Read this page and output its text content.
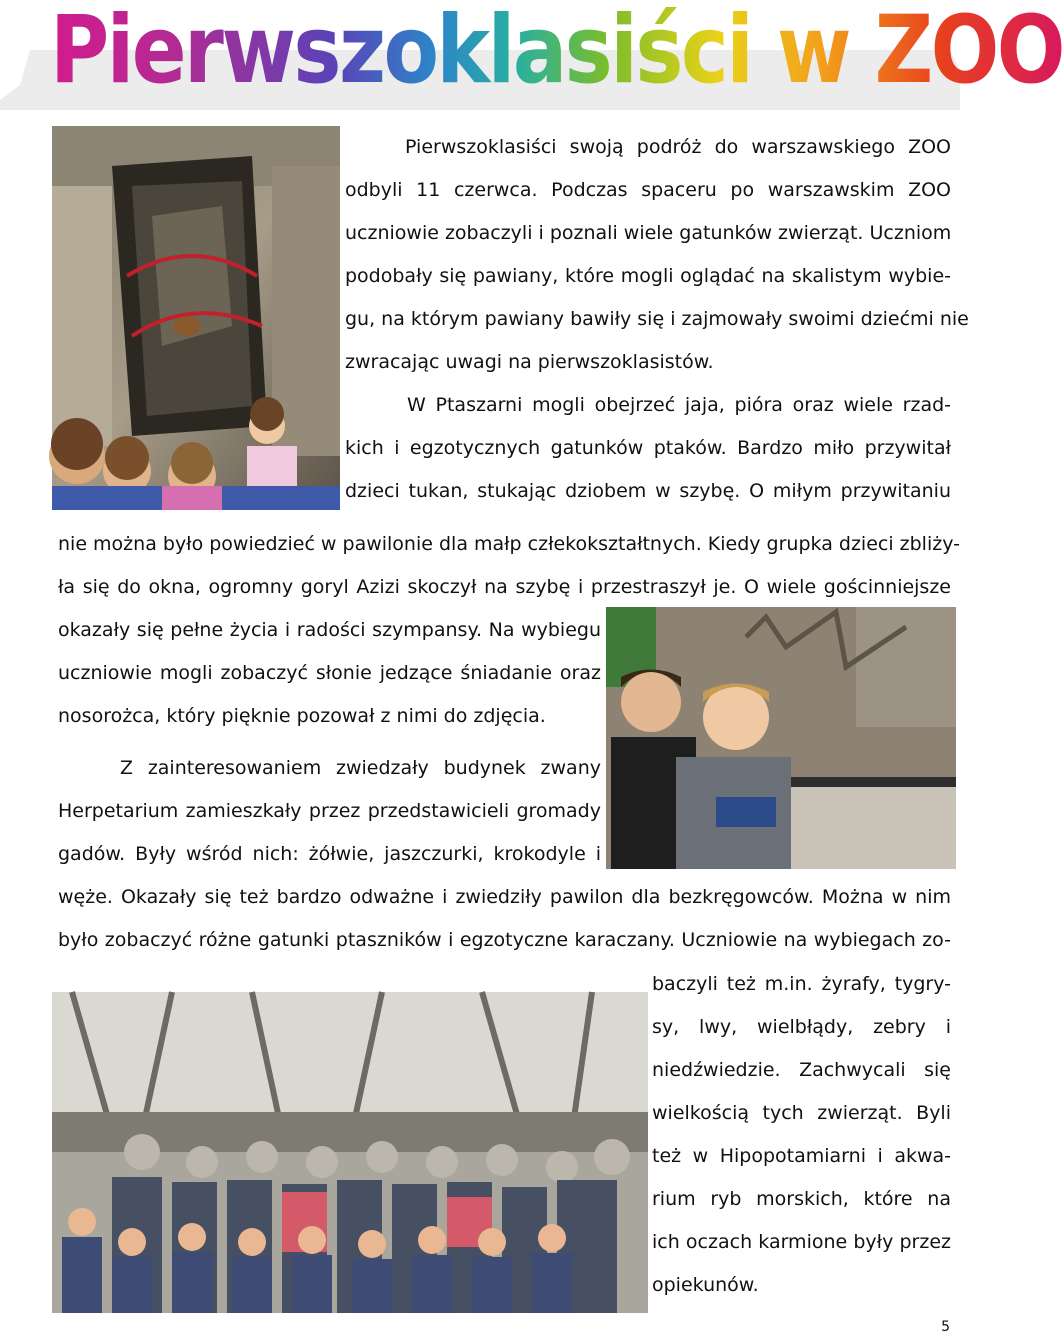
Pierwszoklasiści w ZOO
Pierwszoklasiści swoją podróż do warszawskiego ZOO
odbyli 11 czerwca. Podczas spaceru po warszawskim ZOO
uczniowie zobaczyli i poznali wiele gatunków zwierząt. Uczniom
podobały się pawiany, które mogli oglądać na skalistym wybie-
gu, na którym pawiany bawiły się i zajmowały swoimi dziećmi nie
zwracając uwagi na pierwszoklasistów.
W Ptaszarni mogli obejrzeć jaja, pióra oraz wiele rzad-
kich i egzotycznych gatunków ptaków. Bardzo miło przywitał
dzieci tukan, stukając dziobem w szybę. O miłym przywitaniu
nie można było powiedzieć w pawilonie dla małp człekokształtnych. Kiedy grupka dzieci zbliży-
ła się do okna, ogromny goryl Azizi skoczył na szybę i przestraszył je. O wiele gościnniejsze
okazały się pełne życia i radości szympansy. Na wybiegu
uczniowie mogli zobaczyć słonie jedzące śniadanie oraz
nosorożca, który pięknie pozował z nimi do zdjęcia.
Z zainteresowaniem zwiedzały budynek zwany
Herpetarium zamieszkały przez przedstawicieli gromady
gadów. Były wśród nich: żółwie, jaszczurki, krokodyle i
węże. Okazały się też bardzo odważne i zwiedziły pawilon dla bezkręgowców. Można w nim
było zobaczyć różne gatunki ptaszników i egzotyczne karaczany. Uczniowie na wybiegach zo-
baczyli też m.in. żyrafy, tygry-
sy, lwy, wielbłądy, zebry i
niedźwiedzie. Zachwycali się
wielkością tych zwierząt. Byli
też w Hipopotamiarni i akwa-
rium ryb morskich, które na
ich oczach karmione były przez
opiekunów.
5
